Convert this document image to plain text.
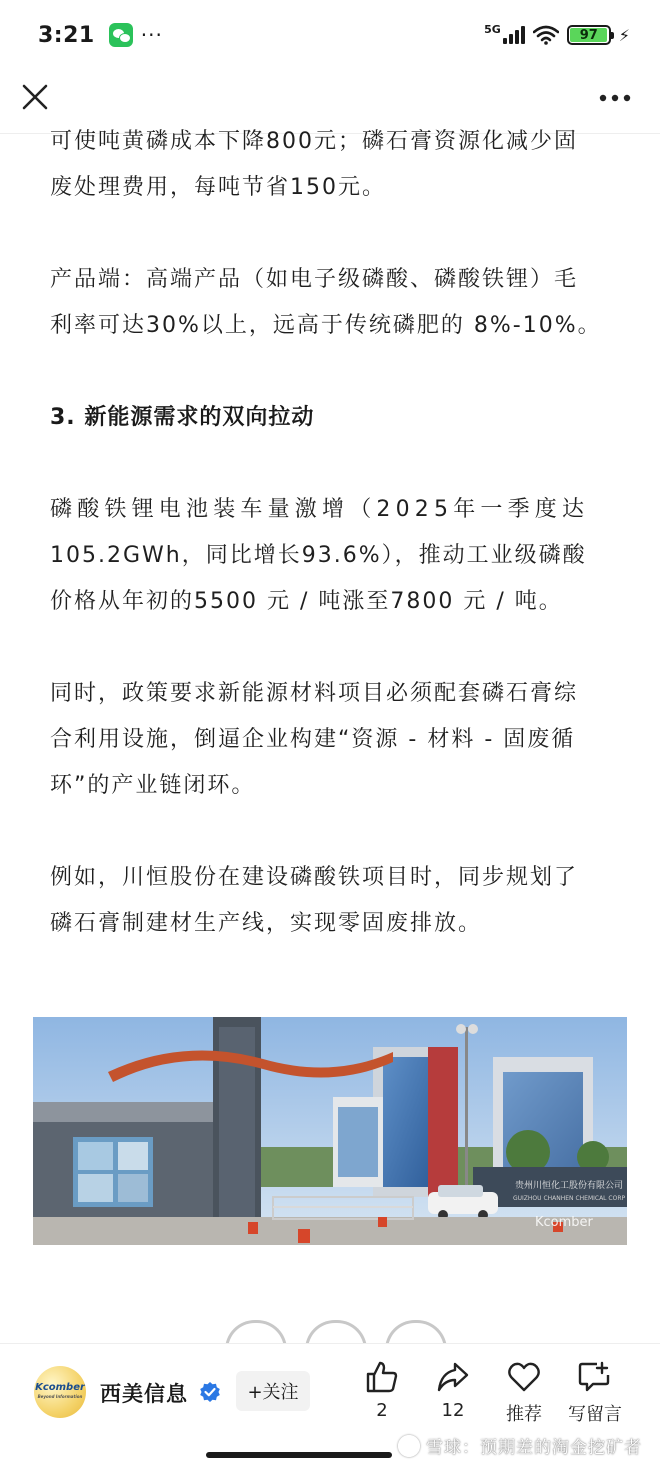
3:21 ···	5G	97 ⚡
可使吨黄磷成本下降800元；磷石膏资源化减少固
废处理费用，每吨节省150元。
产品端：高端产品（如电子级磷酸、磷酸铁锂）毛
利率可达30%以上，远高于传统磷肥的 8%-10%。
3. 新能源需求的双向拉动
磷酸铁锂电池装车量激增（2025年一季度达
105.2GWh，同比增长93.6%），推动工业级磷酸
价格从年初的5500 元 / 吨涨至7800 元 / 吨。
同时，政策要求新能源材料项目必须配套磷石膏综
合利用设施，倒逼企业构建“资源 - 材料 - 固废循
环”的产业链闭环。
例如，川恒股份在建设磷酸铁项目时，同步规划了
磷石膏制建材生产线，实现零固废排放。
贵州川恒化工股份有限公司
GUIZHOU CHANHEN CHEMICAL CORP
Kcomber
Kcomber
Beyond Information 西美信息	+关注
2	12 推荐 写留言
雪球：预期差的淘金挖矿者
